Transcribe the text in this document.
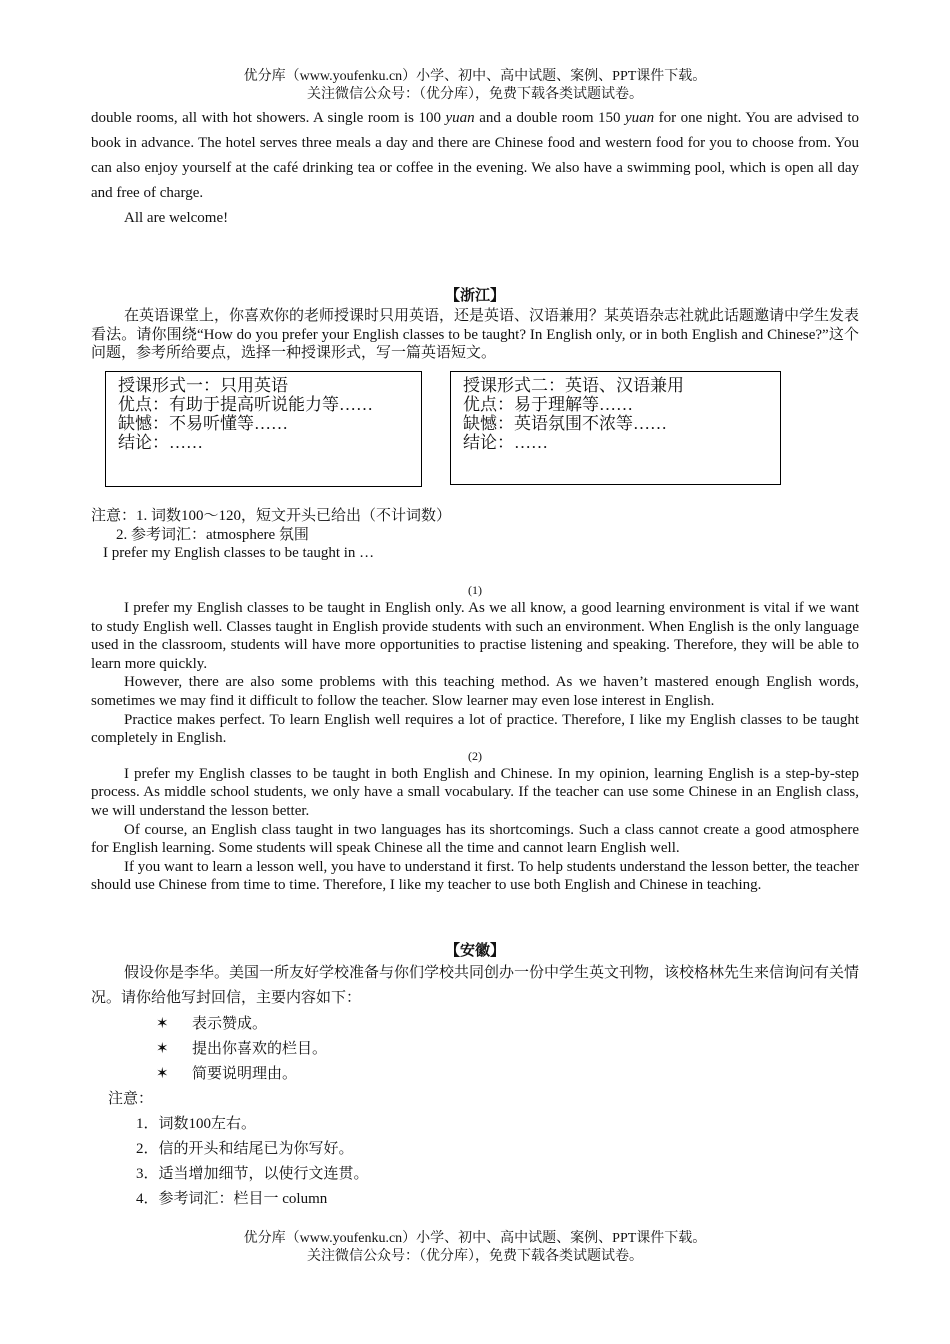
优分库（www.youfenku.cn）小学、初中、高中试题、案例、PPT课件下载。
关注微信公众号：（优分库），免费下载各类试题试卷。

double rooms, all with hot showers. A single room is 100 yuan and a double room 150 yuan for one night. You are advised to book in advance. The hotel serves three meals a day and there are Chinese food and western food for you to choose from. You can also enjoy yourself at the café drinking tea or coffee in the evening. We also have a swimming pool, which is open all day and free of charge.

All are welcome!

【浙江】

在英语课堂上，你喜欢你的老师授课时只用英语，还是英语、汉语兼用？某英语杂志社就此话题邀请中学生发表看法。请你围绕“How do you prefer your English classes to be taught? In English only, or in both English and Chinese?”这个问题，参考所给要点，选择一种授课形式，写一篇英语短文。

授课形式一：只用英语
优点：有助于提高听说能力等……
缺憾：不易听懂等……
结论：……
授课形式二：英语、汉语兼用
优点：易于理解等……
缺憾：英语氛围不浓等……
结论：……

注意：1. 词数100～120，短文开头已给出（不计词数）

2. 参考词汇：atmosphere 氛围

I prefer my English classes to be taught in …

(1)

I prefer my English classes to be taught in English only. As we all know, a good learning environment is vital if we want to study English well. Classes taught in English provide students with such an environment. When English is the only language used in the classroom, students will have more opportunities to practise listening and speaking. Therefore, they will be able to learn more quickly.

However, there are also some problems with this teaching method. As we haven’t mastered enough English words, sometimes we may find it difficult to follow the teacher. Slow learner may even lose interest in English.

Practice makes perfect. To learn English well requires a lot of practice. Therefore, I like my English classes to be taught completely in English.

(2)

I prefer my English classes to be taught in both English and Chinese. In my opinion, learning English is a step-by-step process. As middle school students, we only have a small vocabulary. If the teacher can use some Chinese in an English class, we will understand the lesson better.

Of course, an English class taught in two languages has its shortcomings. Such a class cannot create a good atmosphere for English learning. Some students will speak Chinese all the time and cannot learn English well.

If you want to learn a lesson well, you have to understand it first. To help students understand the lesson better, the teacher should use Chinese from time to time. Therefore, I like my teacher to use both English and Chinese in teaching.

【安徽】

假设你是李华。美国一所友好学校准备与你们学校共同创办一份中学生英文刊物，该校格林先生来信询问有关情况。请你给他写封回信，主要内容如下：

✶ 表示赞成。
✶ 提出你喜欢的栏目。
✶ 简要说明理由。
注意：
1．词数100左右。
2．信的开头和结尾已为你写好。
3．适当增加细节，以使行文连贯。
4．参考词汇：栏目一 column
优分库（www.youfenku.cn）小学、初中、高中试题、案例、PPT课件下载。
关注微信公众号：（优分库），免费下载各类试题试卷。
